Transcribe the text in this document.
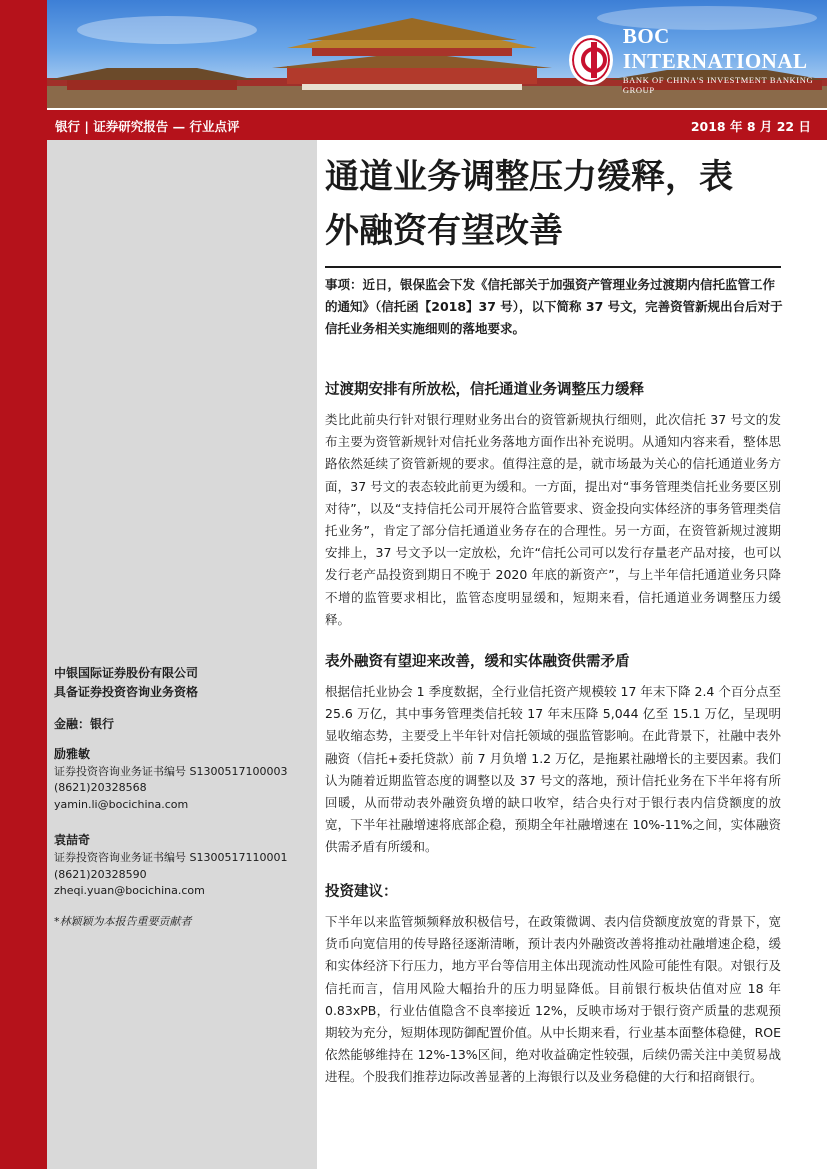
BOC INTERNATIONAL
BANK OF CHINA'S INVESTMENT BANKING GROUP
银行 | 证券研究报告 — 行业点评	2018 年 8 月 22 日
中银国际证券股份有限公司
具备证券投资咨询业务资格
金融：银行
励雅敏
证券投资咨询业务证书编号 S1300517100003
(8621)20328568
yamin.li@bocichina.com
袁喆奇
证券投资咨询业务证书编号 S1300517110001
(8621)20328590
zheqi.yuan@bocichina.com
*林颖颖为本报告重要贡献者
通道业务调整压力缓释，表
外融资有望改善

事项：近日，银保监会下发《信托部关于加强资产管理业务过渡期内信托监管工作的通知》（信托函【2018】37 号），以下简称 37 号文，完善资管新规出台后对于信托业务相关实施细则的落地要求。

过渡期安排有所放松，信托通道业务调整压力缓释

类比此前央行针对银行理财业务出台的资管新规执行细则，此次信托 37 号文的发布主要为资管新规针对信托业务落地方面作出补充说明。从通知内容来看，整体思路依然延续了资管新规的要求。值得注意的是，就市场最为关心的信托通道业务方面，37 号文的表态较此前更为缓和。一方面，提出对“事务管理类信托业务要区别对待”，以及“支持信托公司开展符合监管要求、资金投向实体经济的事务管理类信托业务”，肯定了部分信托通道业务存在的合理性。另一方面，在资管新规过渡期安排上，37 号文予以一定放松，允许“信托公司可以发行存量老产品对接，也可以发行老产品投资到期日不晚于 2020 年底的新资产”，与上半年信托通道业务只降不增的监管要求相比，监管态度明显缓和，短期来看，信托通道业务调整压力缓释。

表外融资有望迎来改善，缓和实体融资供需矛盾

根据信托业协会 1 季度数据，全行业信托资产规模较 17 年末下降 2.4 个百分点至 25.6 万亿，其中事务管理类信托较 17 年末压降 5,044 亿至 15.1 万亿，呈现明显收缩态势，主要受上半年针对信托领域的强监管影响。在此背景下，社融中表外融资（信托+委托贷款）前 7 月负增 1.2 万亿，是拖累社融增长的主要因素。我们认为随着近期监管态度的调整以及 37 号文的落地，预计信托业务在下半年将有所回暖，从而带动表外融资负增的缺口收窄，结合央行对于银行表内信贷额度的放宽，下半年社融增速将底部企稳，预期全年社融增速在 10%-11%之间，实体融资供需矛盾有所缓和。

投资建议：

下半年以来监管频频释放积极信号，在政策微调、表内信贷额度放宽的背景下，宽货币向宽信用的传导路径逐渐清晰，预计表内外融资改善将推动社融增速企稳，缓和实体经济下行压力，地方平台等信用主体出现流动性风险可能性有限。对银行及信托而言，信用风险大幅抬升的压力明显降低。目前银行板块估值对应 18 年 0.83xPB，行业估值隐含不良率接近 12%，反映市场对于银行资产质量的悲观预期较为充分，短期体现防御配置价值。从中长期来看，行业基本面整体稳健，ROE 依然能够维持在 12%-13%区间，绝对收益确定性较强，后续仍需关注中美贸易战进程。个股我们推荐边际改善显著的上海银行以及业务稳健的大行和招商银行。
